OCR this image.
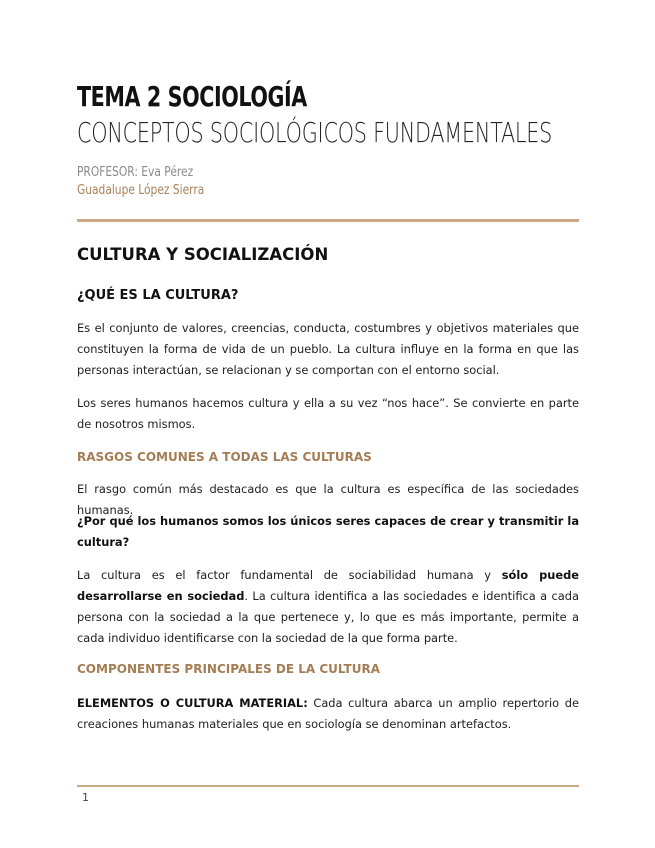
TEMA 2 SOCIOLOGÍA
CONCEPTOS SOCIOLÓGICOS FUNDAMENTALES
PROFESOR: Eva Pérez
Guadalupe López Sierra
CULTURA Y SOCIALIZACIÓN
¿QUÉ ES LA CULTURA?
Es el conjunto de valores, creencias, conducta, costumbres y objetivos materiales que constituyen la forma de vida de un pueblo. La cultura influye en la forma en que las personas interactúan, se relacionan y se comportan con el entorno social.
Los seres humanos hacemos cultura y ella a su vez “nos hace”. Se convierte en parte de nosotros mismos.
RASGOS COMUNES A TODAS LAS CULTURAS
El rasgo común más destacado es que la cultura es específica de las sociedades humanas.
¿Por qué los humanos somos los únicos seres capaces de crear y transmitir la cultura?
La cultura es el factor fundamental de sociabilidad humana y sólo puede desarrollarse en sociedad. La cultura identifica a las sociedades e identifica a cada persona con la sociedad a la que pertenece y, lo que es más importante, permite a cada individuo identificarse con la sociedad de la que forma parte.
COMPONENTES PRINCIPALES DE LA CULTURA
ELEMENTOS O CULTURA MATERIAL: Cada cultura abarca un amplio repertorio de creaciones humanas materiales que en sociología se denominan artefactos.
1
